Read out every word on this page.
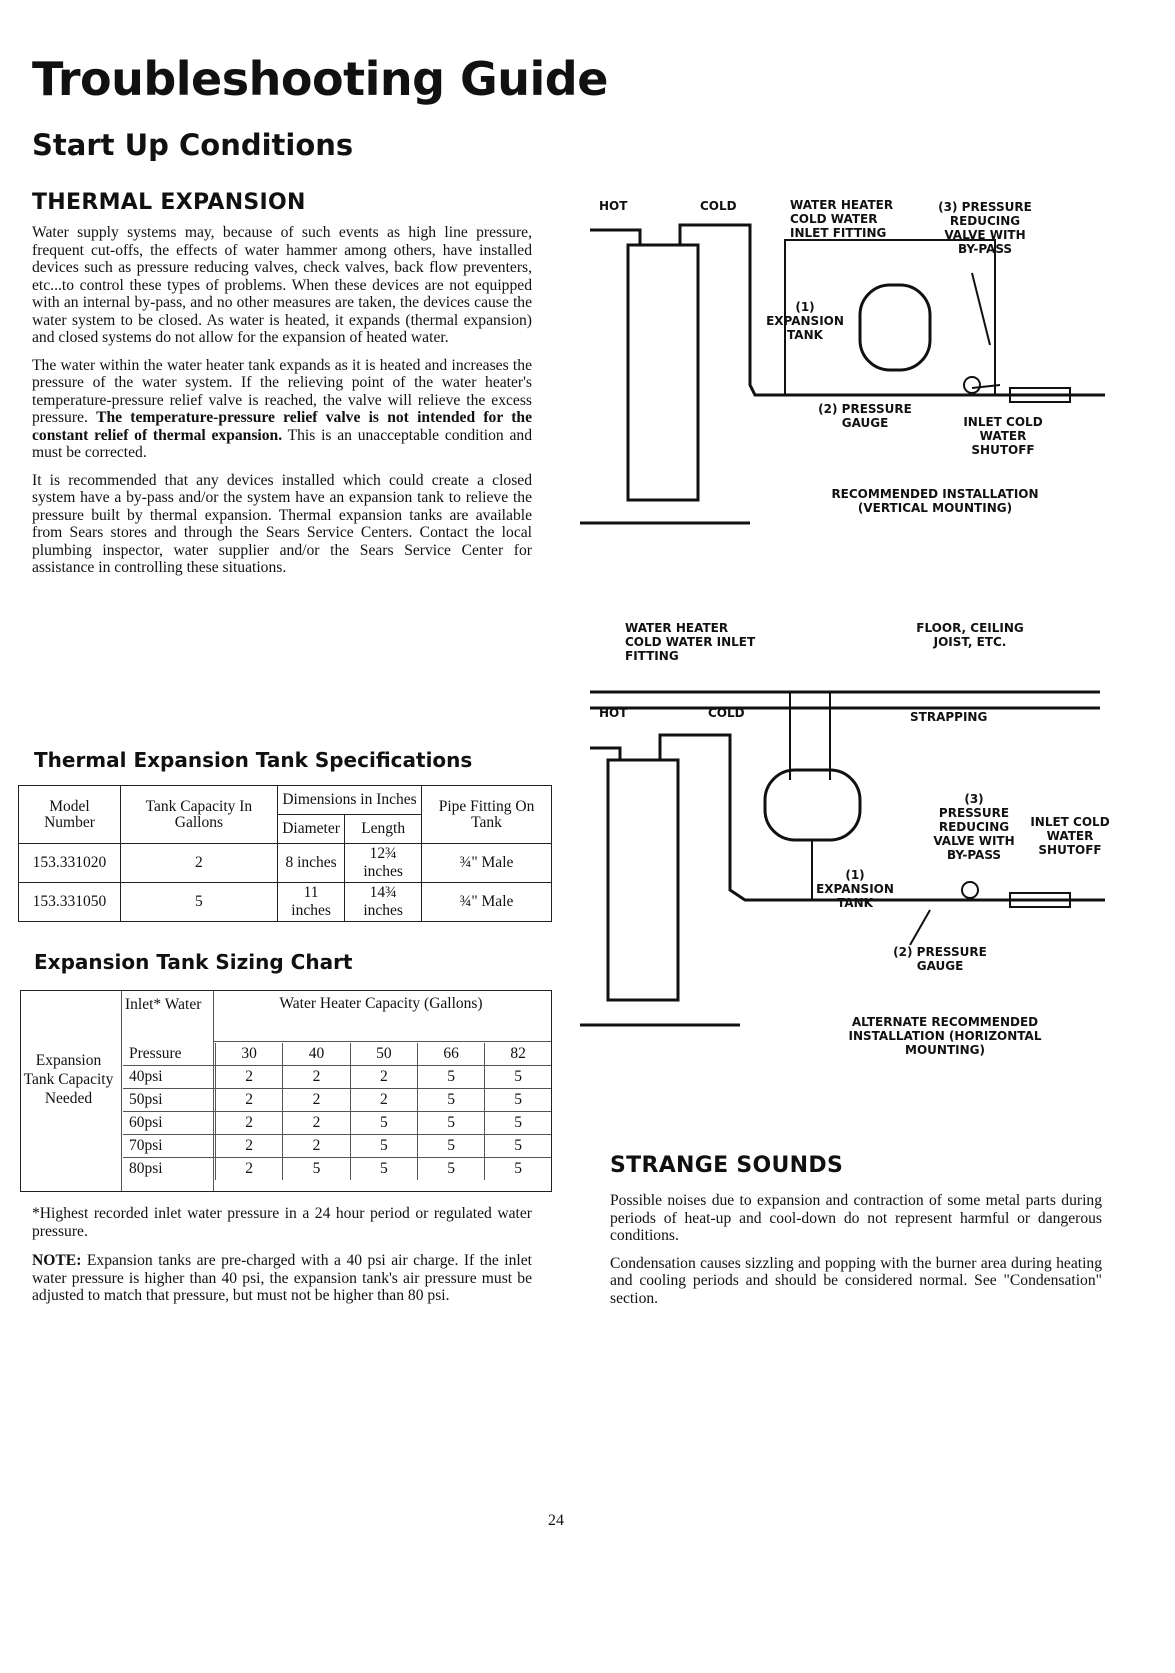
Troubleshooting Guide
Start Up Conditions
THERMAL EXPANSION

Water supply systems may, because of such events as high line pressure, frequent cut-offs, the effects of water hammer among others, have installed devices such as pressure reducing valves, check valves, back flow preventers, etc...to control these types of problems. When these devices are not equipped with an internal by-pass, and no other measures are taken, the devices cause the water system to be closed. As water is heated, it expands (thermal expansion) and closed systems do not allow for the expansion of heated water.

The water within the water heater tank expands as it is heated and increases the pressure of the water system. If the relieving point of the water heater's temperature-pressure relief valve is reached, the valve will relieve the excess pressure. The temperature-pressure relief valve is not intended for the constant relief of thermal expansion. This is an unacceptable condition and must be corrected.

It is recommended that any devices installed which could create a closed system have a by-pass and/or the system have an expansion tank to relieve the pressure built by thermal expansion. Thermal expansion tanks are available from Sears stores and through the Sears Service Centers. Contact the local plumbing inspector, water supplier and/or the Sears Service Center for assistance in controlling these situations.

Thermal Expansion Tank Specifications
Model Number	Tank Capacity In Gallons	Dimensions in Inches		Pipe Fitting On Tank
		Diameter	Length	
153.331020	2	8 inches	12¾ inches	¾" Male
153.331050	5	11 inches	14¾ inches	¾" Male
Expansion Tank Sizing Chart
Expansion Tank Capacity Needed
Inlet* Water	Water Heater Capacity (Gallons)
Pressure	30	40	50	66	82
40psi	2	2	2	5	5
50psi	2	2	2	5	5
60psi	2	2	5	5	5
70psi	2	2	5	5	5
80psi	2	5	5	5	5
*Highest recorded inlet water pressure in a 24 hour period or regulated water pressure.
NOTE: Expansion tanks are pre-charged with a 40 psi air charge. If the inlet water pressure is higher than 40 psi, the expansion tank's air pressure must be adjusted to match that pressure, but must not be higher than 80 psi.
HOT	COLD	WATER HEATER COLD WATER INLET FITTING
(3) PRESSURE REDUCING VALVE WITH BY-PASS
(1) EXPANSION TANK
(2) PRESSURE GAUGE	INLET COLD WATER SHUTOFF
RECOMMENDED INSTALLATION (VERTICAL MOUNTING)
WATER HEATER COLD WATER INLET FITTING
FLOOR, CEILING JOIST, ETC.
HOT	COLD	STRAPPING
(3) PRESSURE REDUCING VALVE WITH BY-PASS
INLET COLD WATER SHUTOFF
(1) EXPANSION TANK
(2) PRESSURE GAUGE
ALTERNATE RECOMMENDED INSTALLATION (HORIZONTAL MOUNTING)
STRANGE SOUNDS

Possible noises due to expansion and contraction of some metal parts during periods of heat-up and cool-down do not represent harmful or dangerous conditions.

Condensation causes sizzling and popping with the burner area during heating and cooling periods and should be considered normal. See "Condensation" section.

24
